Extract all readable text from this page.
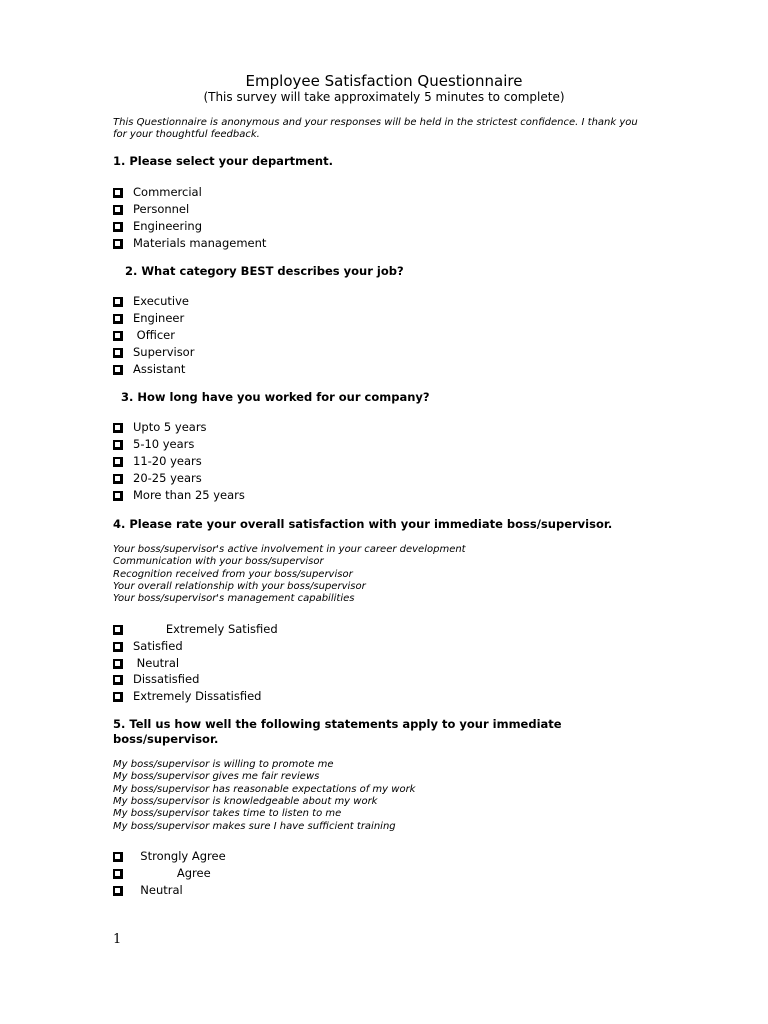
Employee Satisfaction Questionnaire
(This survey will take approximately 5 minutes to complete)
This Questionnaire is anonymous and your responses will be held in the strictest confidence. I thank you for your thoughtful feedback.
1. Please select your department.
Commercial
Personnel
Engineering
Materials management
2. What category BEST describes your job?
Executive
Engineer
Officer
Supervisor
Assistant
3. How long have you worked for our company?
Upto 5 years
5-10 years
11-20 years
20-25 years
More than 25 years
4. Please rate your overall satisfaction with your immediate boss/supervisor.
Your boss/supervisor's active involvement in your career development
Communication with your boss/supervisor
Recognition received from your boss/supervisor
Your overall relationship with your boss/supervisor
Your boss/supervisor's management capabilities
Extremely Satisfied
Satisfied
Neutral
Dissatisfied
Extremely Dissatisfied
5. Tell us how well the following statements apply to your immediate boss/supervisor.
My boss/supervisor is willing to promote me
My boss/supervisor gives me fair reviews
My boss/supervisor has reasonable expectations of my work
My boss/supervisor is knowledgeable about my work
My boss/supervisor takes time to listen to me
My boss/supervisor makes sure I have sufficient training
Strongly Agree
Agree
Neutral
1
